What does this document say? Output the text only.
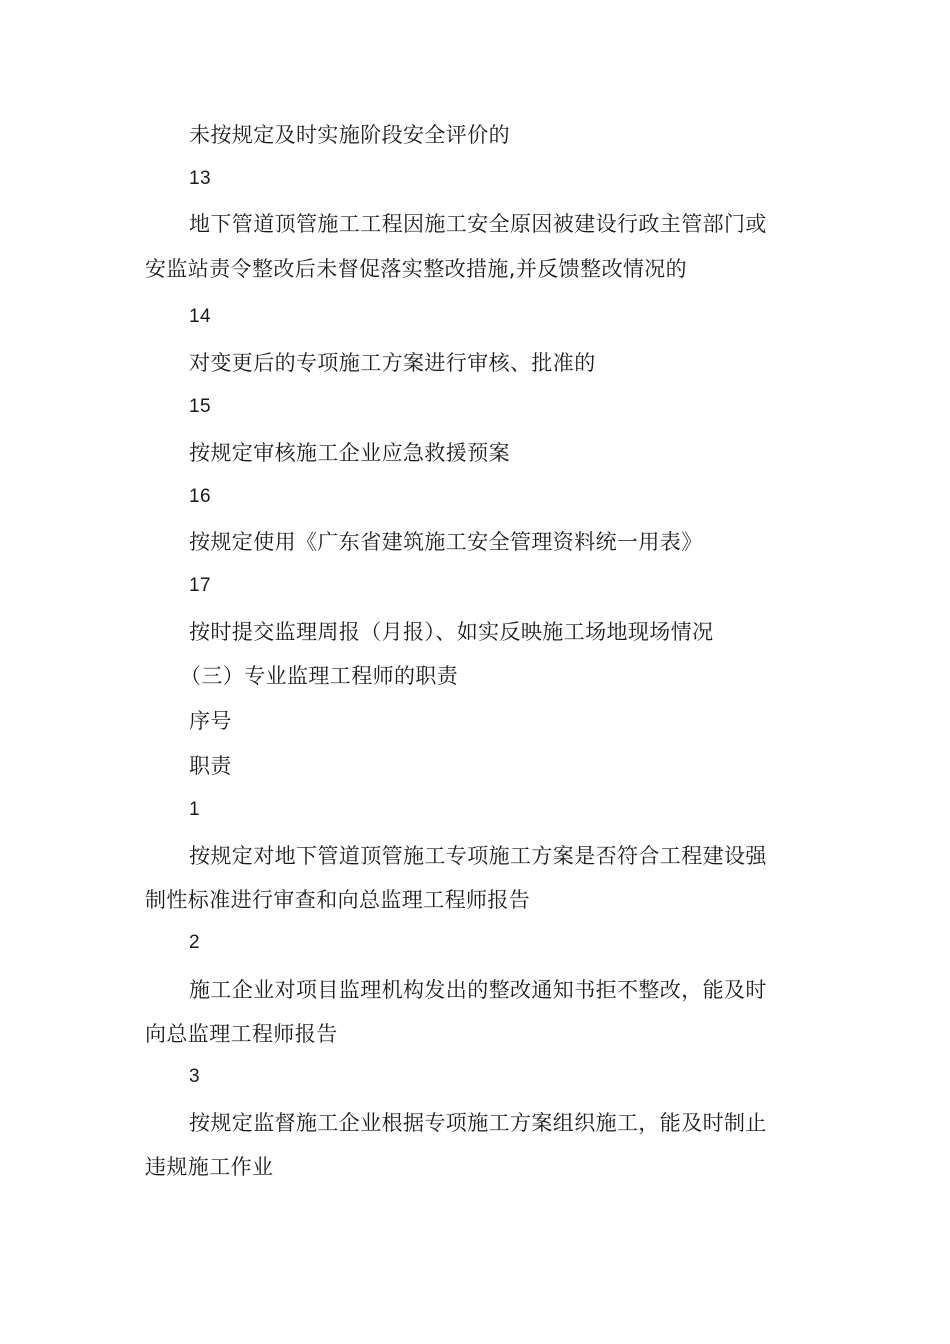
未按规定及时实施阶段安全评价的
13
地下管道顶管施工工程因施工安全原因被建设行政主管部门或
安监站责令整改后未督促落实整改措施,并反馈整改情况的
14
对变更后的专项施工方案进行审核、批准的
15
按规定审核施工企业应急救援预案
16
按规定使用《广东省建筑施工安全管理资料统一用表》
17
按时提交监理周报（月报）、如实反映施工场地现场情况
（三）专业监理工程师的职责
序号
职责
1
按规定对地下管道顶管施工专项施工方案是否符合工程建设强
制性标准进行审查和向总监理工程师报告
2
施工企业对项目监理机构发出的整改通知书拒不整改，能及时
向总监理工程师报告
3
按规定监督施工企业根据专项施工方案组织施工，能及时制止
违规施工作业
